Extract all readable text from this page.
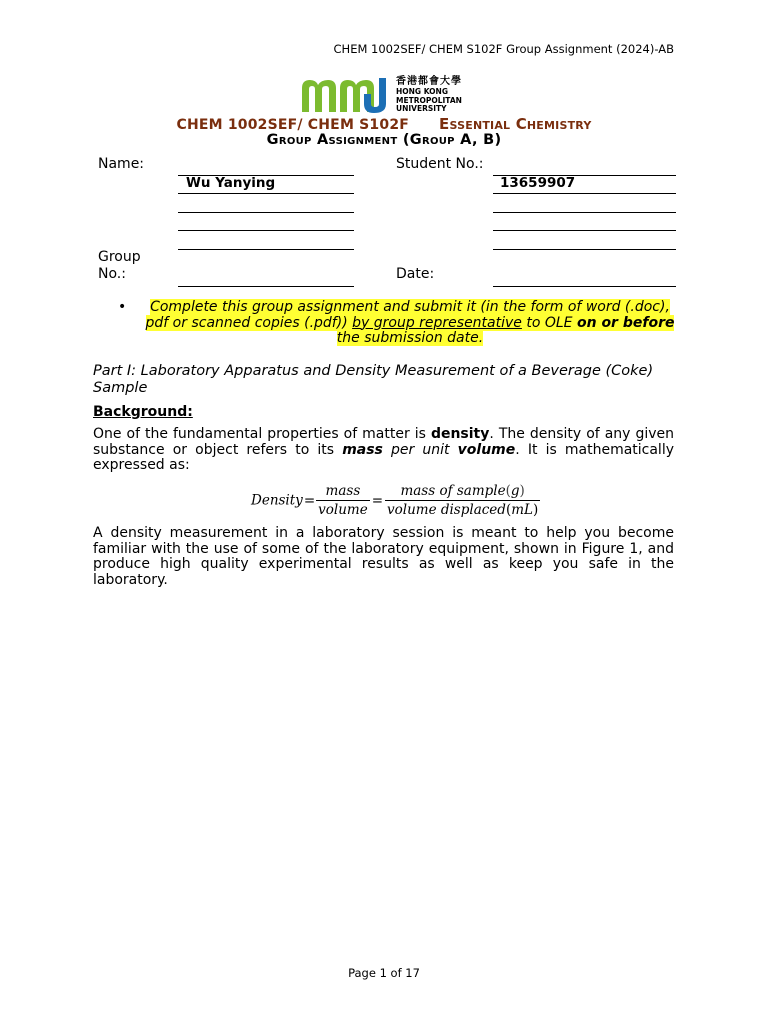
CHEM 1002SEF/ CHEM S102F Group Assignment (2024)-AB
香港都會大學
HONG KONG
METROPOLITAN
UNIVERSITY
CHEM 1002SEF/ CHEM S102F Essential Chemistry
Group Assignment (Group A, B)
Name:	Student No.:
Wu Yanying	13659907
Group
No.:	Date:
•	Complete this group assignment and submit it (in the form of word (.doc), pdf or scanned copies (.pdf)) by group representative to OLE on or before the submission date.
Part I: Laboratory Apparatus and Density Measurement of a Beverage (Coke) Sample
Background:
One of the fundamental properties of matter is density. The density of any given substance or object refers to its mass per unit volume. It is mathematically expressed as:
Density= $\frac{\text{mass}}{\text{volume}} = \frac{\text{mass of sample(g)}}{\text{volume displaced(mL)}}$
A density measurement in a laboratory session is meant to help you become familiar with the use of some of the laboratory equipment, shown in Figure 1, and produce high quality experimental results as well as keep you safe in the laboratory.
Page 1 of 17
